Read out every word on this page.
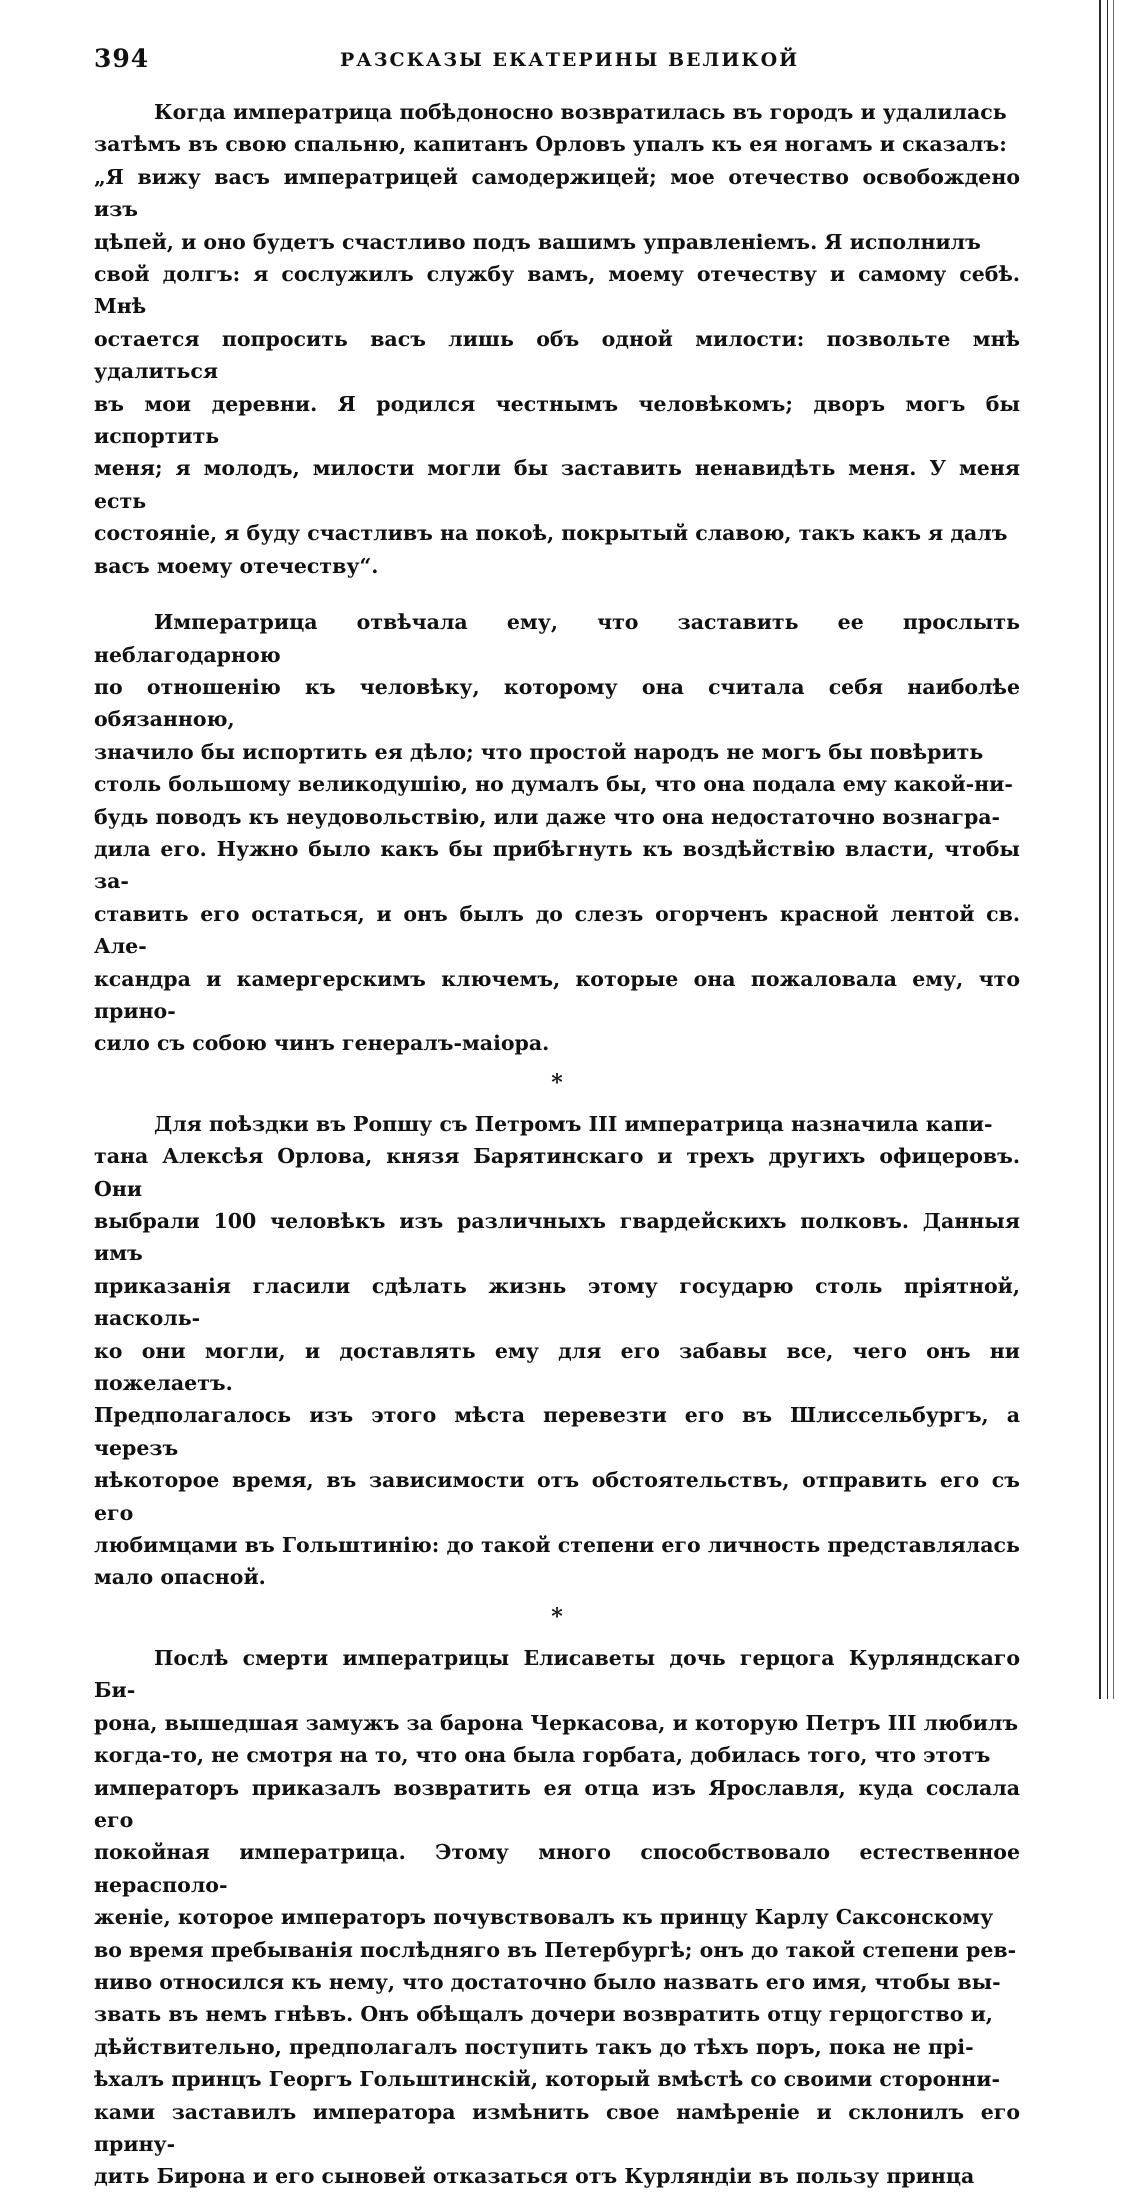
394	РАЗСКАЗЫ ЕКАТЕРИНЫ ВЕЛИКОЙ

Когда императрица побѣдоносно возвратилась въ городъ и удалилась
затѣмъ въ свою спальню, капитанъ Орловъ упалъ къ ея ногамъ и сказалъ:
„Я вижу васъ императрицей самодержицей; мое отечество освобождено изъ
цѣпей, и оно будетъ счастливо подъ вашимъ управленіемъ. Я исполнилъ
свой долгъ: я сослужилъ службу вамъ, моему отечеству и самому себѣ. Мнѣ
остается попросить васъ лишь объ одной милости: позвольте мнѣ удалиться
въ мои деревни. Я родился честнымъ человѣкомъ; дворъ могъ бы испортить
меня; я молодъ, милости могли бы заставить ненавидѣть меня. У меня есть
состояніе, я буду счастливъ на покоѣ, покрытый славою, такъ какъ я далъ
васъ моему отечеству“.

Императрица отвѣчала ему, что заставить ее прослыть неблагодарною
по отношенію къ человѣку, которому она считала себя наиболѣе обязанною,
значило бы испортить ея дѣло; что простой народъ не могъ бы повѣрить
столь большому великодушію, но думалъ бы, что она подала ему какой-ни-
будь поводъ къ неудовольствію, или даже что она недостаточно вознагра-
дила его. Нужно было какъ бы прибѣгнуть къ воздѣйствію власти, чтобы за-
ставить его остаться, и онъ былъ до слезъ огорченъ красной лентой св. Але-
ксандра и камергерскимъ ключемъ, которые она пожаловала ему, что прино-
сило съ собою чинъ генералъ-маіора.

*

Для поѣздки въ Ропшу съ Петромъ III императрица назначила капи-
тана Алексѣя Орлова, князя Барятинскаго и трехъ другихъ офицеровъ. Они
выбрали 100 человѣкъ изъ различныхъ гвардейскихъ полковъ. Данныя имъ
приказанія гласили сдѣлать жизнь этому государю столь пріятной, насколь-
ко они могли, и доставлять ему для его забавы все, чего онъ ни пожелаетъ.
Предполагалось изъ этого мѣста перевезти его въ Шлиссельбургъ, а черезъ
нѣкоторое время, въ зависимости отъ обстоятельствъ, отправить его съ его
любимцами въ Гольштинію: до такой степени его личность представлялась
мало опасной.

*

Послѣ смерти императрицы Елисаветы дочь герцога Курляндскаго Би-
рона, вышедшая замужъ за барона Черкасова, и которую Петръ III любилъ
когда-то, не смотря на то, что она была горбата, добилась того, что этотъ
императоръ приказалъ возвратить ея отца изъ Ярославля, куда сослала его
покойная императрица. Этому много способствовало естественное нерасполо-
женіе, которое императоръ почувствовалъ къ принцу Карлу Саксонскому
во время пребыванія послѣдняго въ Петербургѣ; онъ до такой степени рев-
ниво относился къ нему, что достаточно было назвать его имя, чтобы вы-
звать въ немъ гнѣвъ. Онъ обѣщалъ дочери возвратить отцу герцогство и,
дѣйствительно, предполагалъ поступить такъ до тѣхъ поръ, пока не прі-
ѣхалъ принцъ Георгъ Гольштинскій, который вмѣстѣ со своими сторонни-
ками заставилъ императора измѣнить свое намѣреніе и склонилъ его прину-
дить Бирона и его сыновей отказаться отъ Курляндіи въ пользу принца
